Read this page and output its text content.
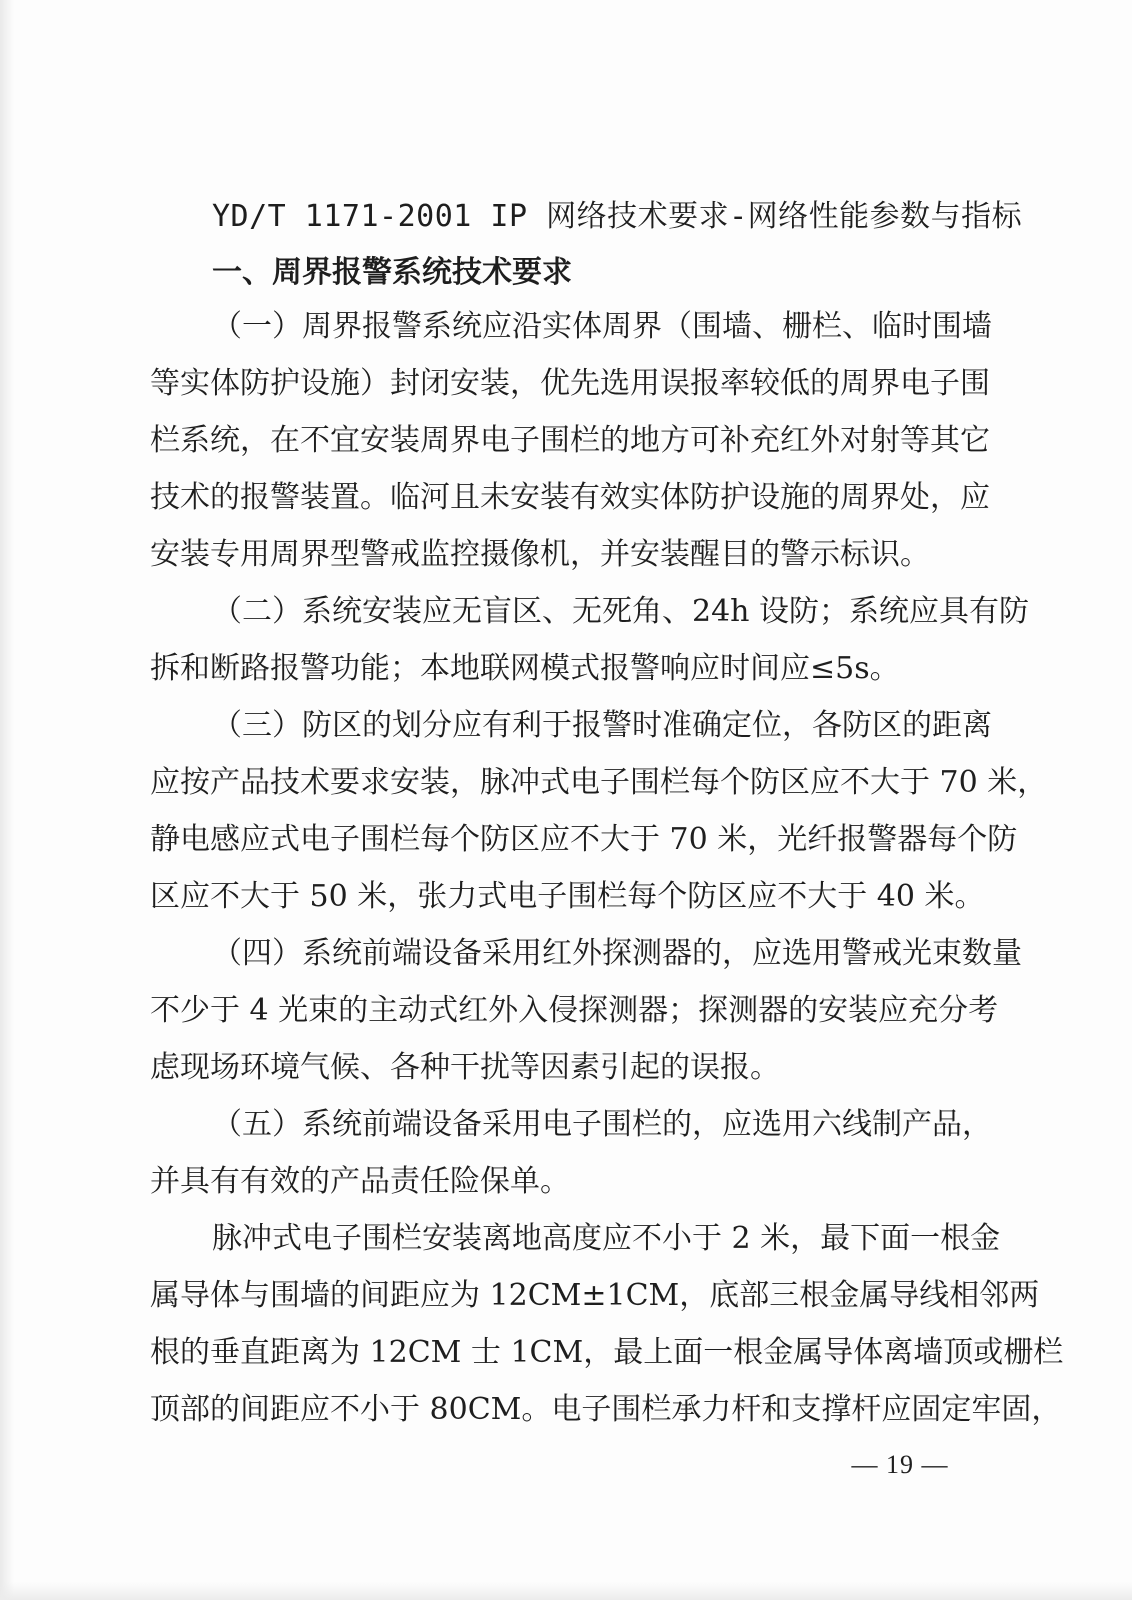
YD/T 1171-2001 IP 网络技术要求-网络性能参数与指标
一、周界报警系统技术要求
（一）周界报警系统应沿实体周界（围墙、栅栏、临时围墙
等实体防护设施）封闭安装，优先选用误报率较低的周界电子围
栏系统，在不宜安装周界电子围栏的地方可补充红外对射等其它
技术的报警装置。临河且未安装有效实体防护设施的周界处，应
安装专用周界型警戒监控摄像机，并安装醒目的警示标识。
（二）系统安装应无盲区、无死角、24h 设防；系统应具有防
拆和断路报警功能；本地联网模式报警响应时间应≤5s。
（三）防区的划分应有利于报警时准确定位，各防区的距离
应按产品技术要求安装，脉冲式电子围栏每个防区应不大于 70 米，
静电感应式电子围栏每个防区应不大于 70 米，光纤报警器每个防
区应不大于 50 米，张力式电子围栏每个防区应不大于 40 米。
（四）系统前端设备采用红外探测器的，应选用警戒光束数量
不少于 4 光束的主动式红外入侵探测器；探测器的安装应充分考
虑现场环境气候、各种干扰等因素引起的误报。
（五）系统前端设备采用电子围栏的，应选用六线制产品，
并具有有效的产品责任险保单。
脉冲式电子围栏安装离地高度应不小于 2 米，最下面一根金
属导体与围墙的间距应为 12CM±1CM，底部三根金属导线相邻两
根的垂直距离为 12CM 士 1CM，最上面一根金属导体离墙顶或栅栏
顶部的间距应不小于 80CM。电子围栏承力杆和支撑杆应固定牢固，
— 19 —
